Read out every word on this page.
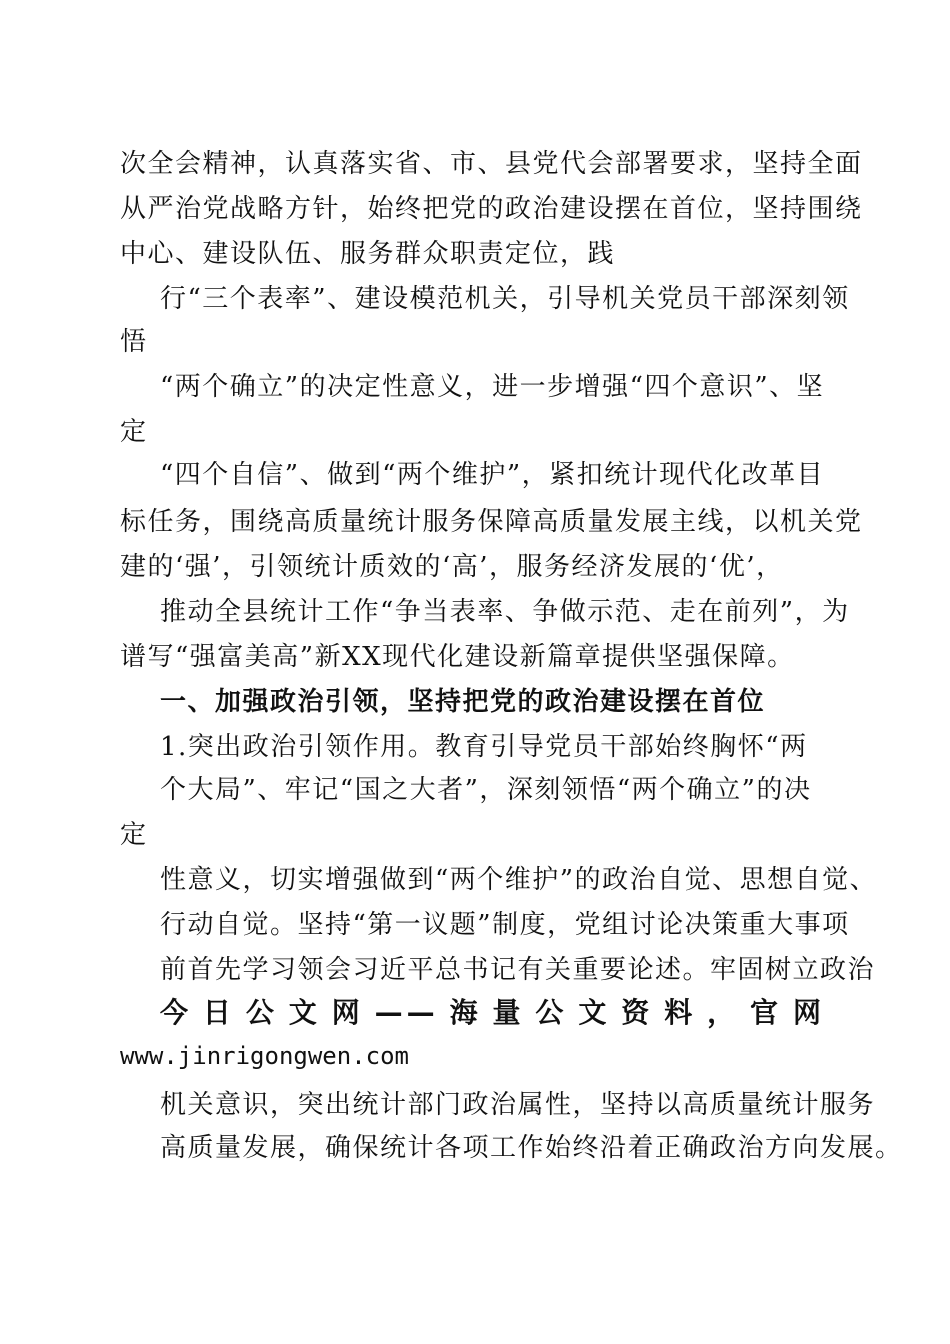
次全会精神，认真落实省、市、县党代会部署要求，坚持全面
从严治党战略方针，始终把党的政治建设摆在首位，坚持围绕
中心、建设队伍、服务群众职责定位，践
行“三个表率”、建设模范机关，引导机关党员干部深刻领
悟
“两个确立”的决定性意义，进一步增强“四个意识”、坚
定
“四个自信”、做到“两个维护”，紧扣统计现代化改革目
标任务，围绕高质量统计服务保障高质量发展主线，以机关党
建的‘强’，引领统计质效的‘高’，服务经济发展的‘优’，
推动全县统计工作“争当表率、争做示范、走在前列”，为
谱写“强富美高”新XX现代化建设新篇章提供坚强保障。
一、加强政治引领，坚持把党的政治建设摆在首位
1.突出政治引领作用。教育引导党员干部始终胸怀“两
个大局”、牢记“国之大者”，深刻领悟“两个确立”的决
定
性意义，切实增强做到“两个维护”的政治自觉、思想自觉、
行动自觉。坚持“第一议题”制度，党组讨论决策重大事项
前首先学习领会习近平总书记有关重要论述。牢固树立政治
今日公文网——海量公文资料，官网
www.jinrigongwen.com
机关意识，突出统计部门政治属性，坚持以高质量统计服务
高质量发展，确保统计各项工作始终沿着正确政治方向发展。
